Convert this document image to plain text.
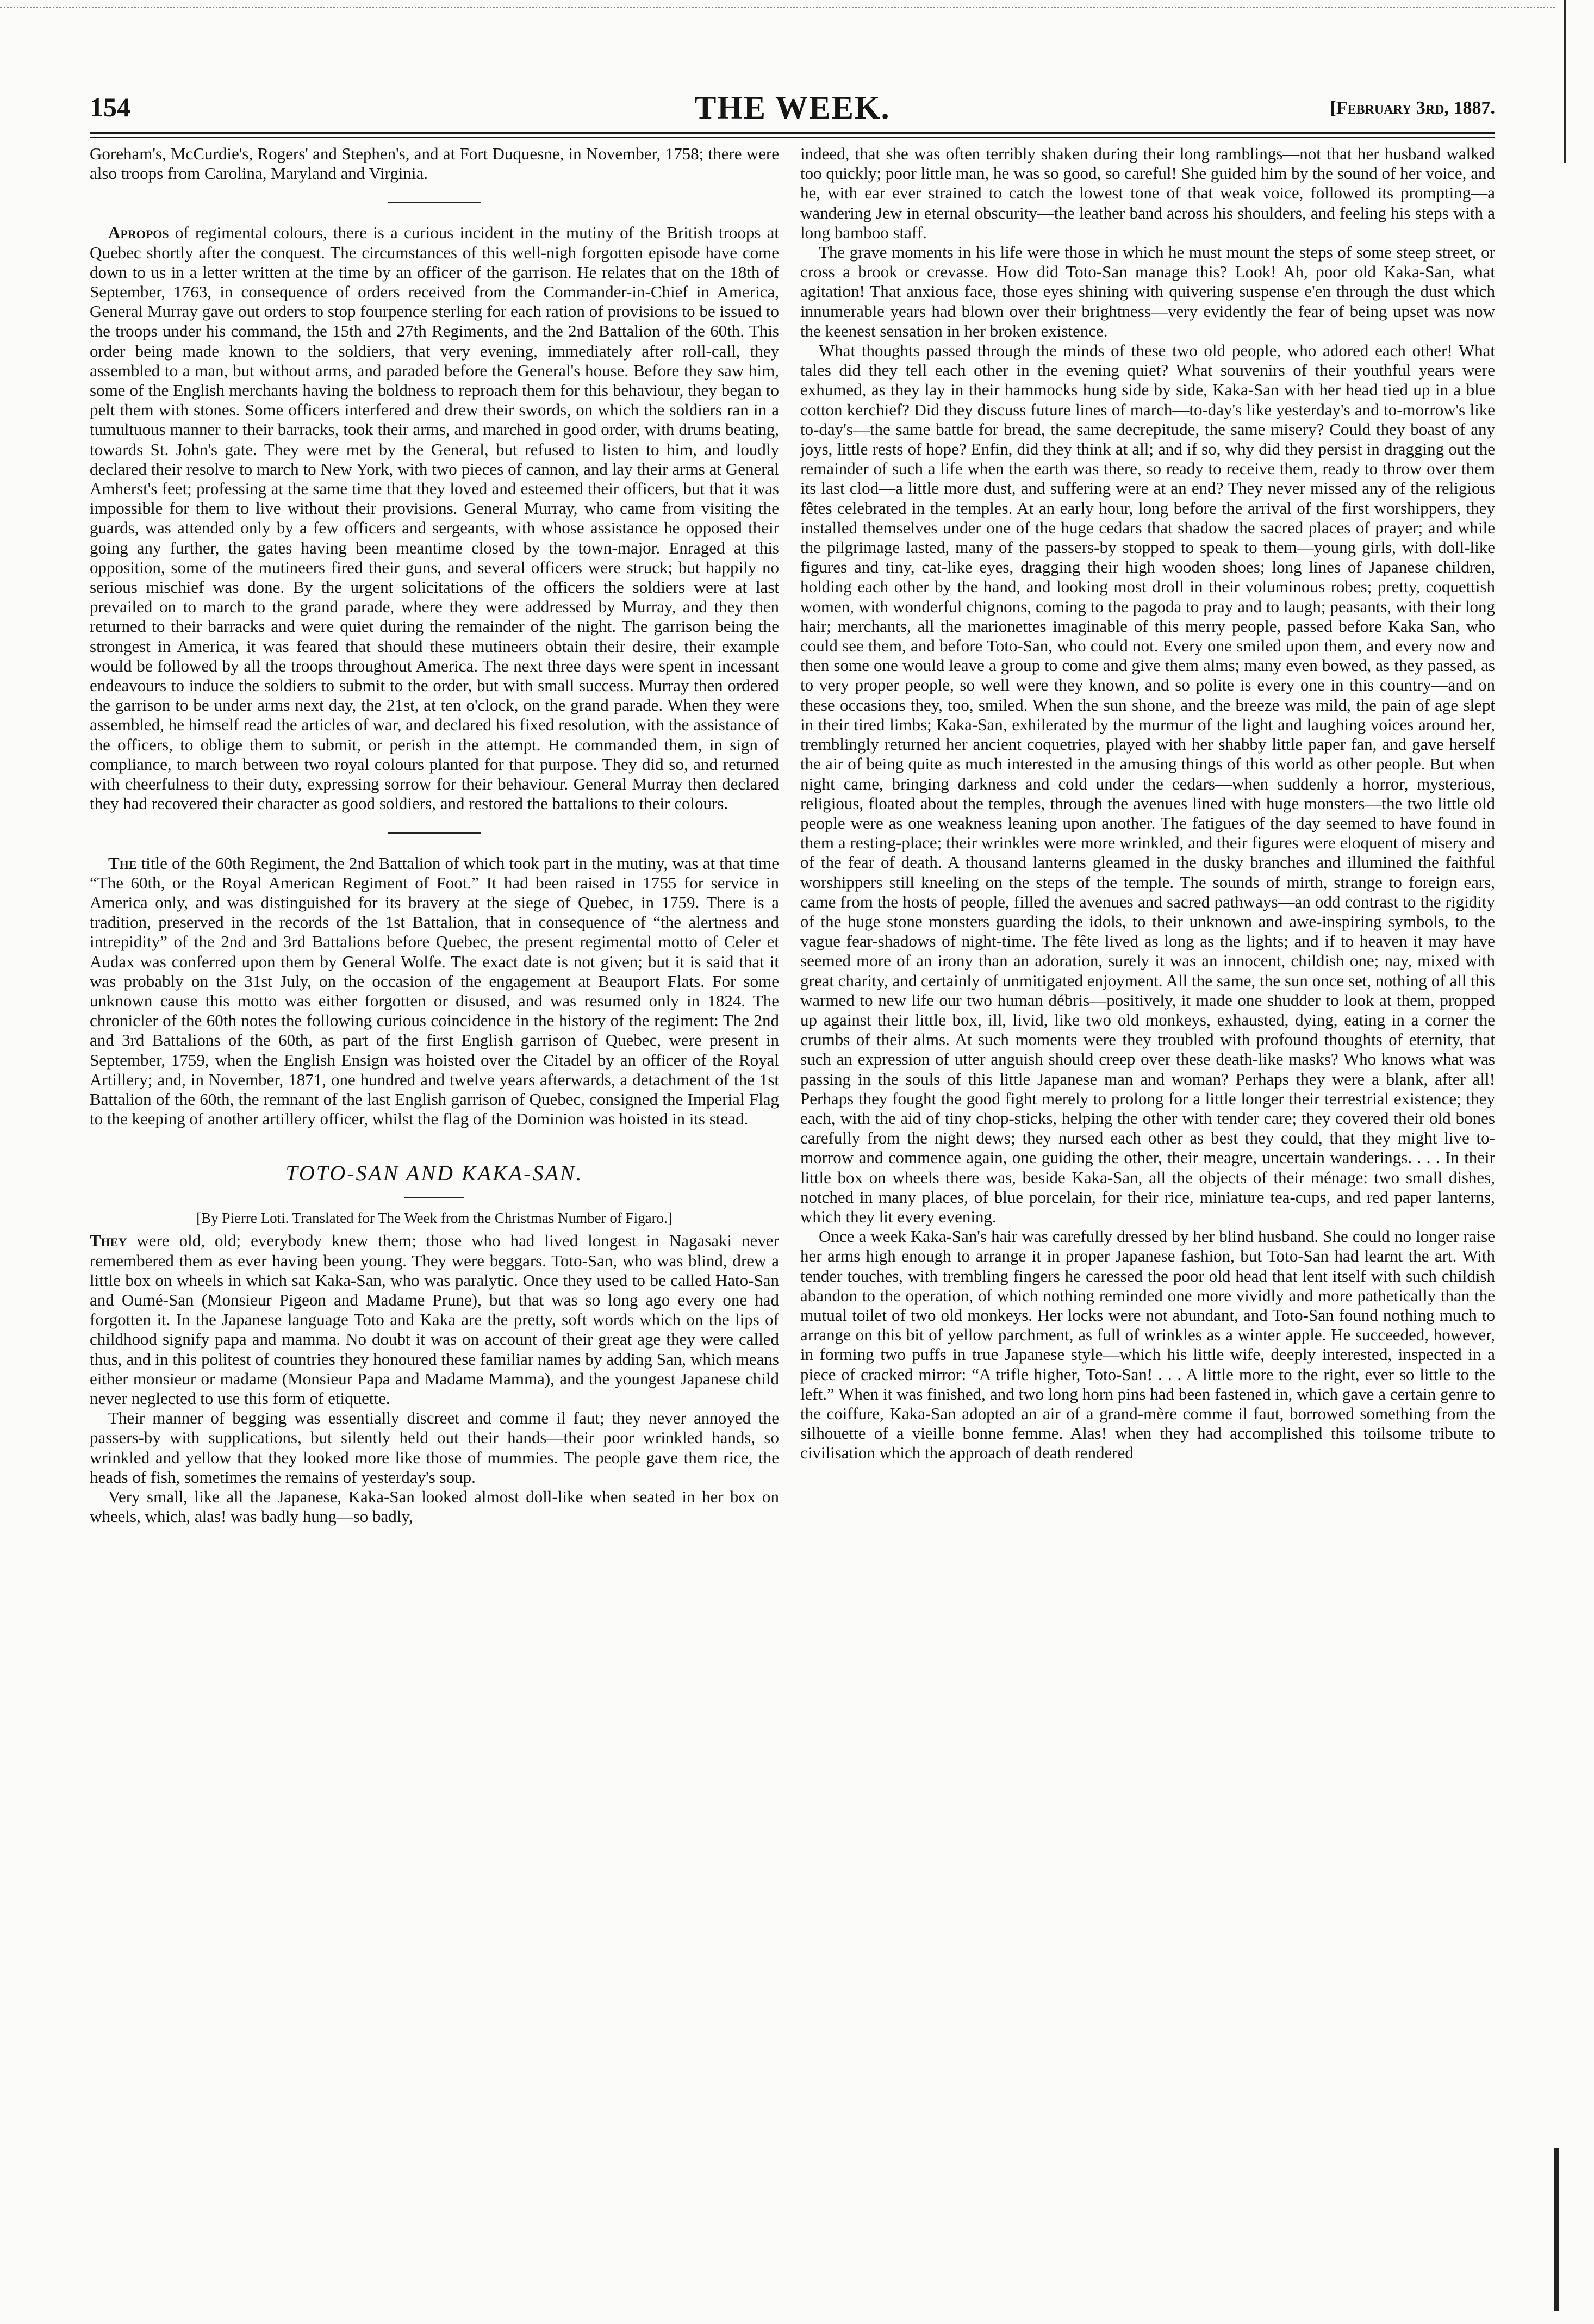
154	THE WEEK.	[February 3rd, 1887.

Goreham's, McCurdie's, Rogers' and Stephen's, and at Fort Duquesne, in November, 1758; there were also troops from Carolina, Maryland and Virginia.

Apropos of regimental colours, there is a curious incident in the mutiny of the British troops at Quebec shortly after the conquest. The circumstances of this well-nigh forgotten episode have come down to us in a letter written at the time by an officer of the garrison. He relates that on the 18th of September, 1763, in consequence of orders received from the Commander-in-Chief in America, General Murray gave out orders to stop fourpence sterling for each ration of provisions to be issued to the troops under his command, the 15th and 27th Regiments, and the 2nd Battalion of the 60th. This order being made known to the soldiers, that very evening, immediately after roll-call, they assembled to a man, but without arms, and paraded before the General's house. Before they saw him, some of the English merchants having the boldness to reproach them for this behaviour, they began to pelt them with stones. Some officers interfered and drew their swords, on which the soldiers ran in a tumultuous manner to their barracks, took their arms, and marched in good order, with drums beating, towards St. John's gate. They were met by the General, but refused to listen to him, and loudly declared their resolve to march to New York, with two pieces of cannon, and lay their arms at General Amherst's feet; professing at the same time that they loved and esteemed their officers, but that it was impossible for them to live without their provisions. General Murray, who came from visiting the guards, was attended only by a few officers and sergeants, with whose assistance he opposed their going any further, the gates having been meantime closed by the town-major. Enraged at this opposition, some of the mutineers fired their guns, and several officers were struck; but happily no serious mischief was done. By the urgent solicitations of the officers the soldiers were at last prevailed on to march to the grand parade, where they were addressed by Murray, and they then returned to their barracks and were quiet during the remainder of the night. The garrison being the strongest in America, it was feared that should these mutineers obtain their desire, their example would be followed by all the troops throughout America. The next three days were spent in incessant endeavours to induce the soldiers to submit to the order, but with small success. Murray then ordered the garrison to be under arms next day, the 21st, at ten o'clock, on the grand parade. When they were assembled, he himself read the articles of war, and declared his fixed resolution, with the assistance of the officers, to oblige them to submit, or perish in the attempt. He commanded them, in sign of compliance, to march between two royal colours planted for that purpose. They did so, and returned with cheerfulness to their duty, expressing sorrow for their behaviour. General Murray then declared they had recovered their character as good soldiers, and restored the battalions to their colours.

The title of the 60th Regiment, the 2nd Battalion of which took part in the mutiny, was at that time “The 60th, or the Royal American Regiment of Foot.” It had been raised in 1755 for service in America only, and was distinguished for its bravery at the siege of Quebec, in 1759. There is a tradition, preserved in the records of the 1st Battalion, that in consequence of “the alertness and intrepidity” of the 2nd and 3rd Battalions before Quebec, the present regimental motto of Celer et Audax was conferred upon them by General Wolfe. The exact date is not given; but it is said that it was probably on the 31st July, on the occasion of the engagement at Beauport Flats. For some unknown cause this motto was either forgotten or disused, and was resumed only in 1824. The chronicler of the 60th notes the following curious coincidence in the history of the regiment: The 2nd and 3rd Battalions of the 60th, as part of the first English garrison of Quebec, were present in September, 1759, when the English Ensign was hoisted over the Citadel by an officer of the Royal Artillery; and, in November, 1871, one hundred and twelve years afterwards, a detachment of the 1st Battalion of the 60th, the remnant of the last English garrison of Quebec, consigned the Imperial Flag to the keeping of another artillery officer, whilst the flag of the Dominion was hoisted in its stead.

TOTO-SAN AND KAKA-SAN.
[By Pierre Loti. Translated for The Week from the Christmas Number of Figaro.]

They were old, old; everybody knew them; those who had lived longest in Nagasaki never remembered them as ever having been young. They were beggars. Toto-San, who was blind, drew a little box on wheels in which sat Kaka-San, who was paralytic. Once they used to be called Hato-San and Oumé-San (Monsieur Pigeon and Madame Prune), but that was so long ago every one had forgotten it. In the Japanese language Toto and Kaka are the pretty, soft words which on the lips of childhood signify papa and mamma. No doubt it was on account of their great age they were called thus, and in this politest of countries they honoured these familiar names by adding San, which means either monsieur or madame (Monsieur Papa and Madame Mamma), and the youngest Japanese child never neglected to use this form of etiquette.

Their manner of begging was essentially discreet and comme il faut; they never annoyed the passers-by with supplications, but silently held out their hands—their poor wrinkled hands, so wrinkled and yellow that they looked more like those of mummies. The people gave them rice, the heads of fish, sometimes the remains of yesterday's soup.

Very small, like all the Japanese, Kaka-San looked almost doll-like when seated in her box on wheels, which, alas! was badly hung—so badly,

indeed, that she was often terribly shaken during their long ramblings—not that her husband walked too quickly; poor little man, he was so good, so careful! She guided him by the sound of her voice, and he, with ear ever strained to catch the lowest tone of that weak voice, followed its prompting—a wandering Jew in eternal obscurity—the leather band across his shoulders, and feeling his steps with a long bamboo staff.

The grave moments in his life were those in which he must mount the steps of some steep street, or cross a brook or crevasse. How did Toto-San manage this? Look! Ah, poor old Kaka-San, what agitation! That anxious face, those eyes shining with quivering suspense e'en through the dust which innumerable years had blown over their brightness—very evidently the fear of being upset was now the keenest sensation in her broken existence.

What thoughts passed through the minds of these two old people, who adored each other! What tales did they tell each other in the evening quiet? What souvenirs of their youthful years were exhumed, as they lay in their hammocks hung side by side, Kaka-San with her head tied up in a blue cotton kerchief? Did they discuss future lines of march—to-day's like yesterday's and to-morrow's like to-day's—the same battle for bread, the same decrepitude, the same misery? Could they boast of any joys, little rests of hope? Enfin, did they think at all; and if so, why did they persist in dragging out the remainder of such a life when the earth was there, so ready to receive them, ready to throw over them its last clod—a little more dust, and suffering were at an end? They never missed any of the religious fêtes celebrated in the temples. At an early hour, long before the arrival of the first worshippers, they installed themselves under one of the huge cedars that shadow the sacred places of prayer; and while the pilgrimage lasted, many of the passers-by stopped to speak to them—young girls, with doll-like figures and tiny, cat-like eyes, dragging their high wooden shoes; long lines of Japanese children, holding each other by the hand, and looking most droll in their voluminous robes; pretty, coquettish women, with wonderful chignons, coming to the pagoda to pray and to laugh; peasants, with their long hair; merchants, all the marionettes imaginable of this merry people, passed before Kaka San, who could see them, and before Toto-San, who could not. Every one smiled upon them, and every now and then some one would leave a group to come and give them alms; many even bowed, as they passed, as to very proper people, so well were they known, and so polite is every one in this country—and on these occasions they, too, smiled. When the sun shone, and the breeze was mild, the pain of age slept in their tired limbs; Kaka-San, exhilerated by the murmur of the light and laughing voices around her, tremblingly returned her ancient coquetries, played with her shabby little paper fan, and gave herself the air of being quite as much interested in the amusing things of this world as other people. But when night came, bringing darkness and cold under the cedars—when suddenly a horror, mysterious, religious, floated about the temples, through the avenues lined with huge monsters—the two little old people were as one weakness leaning upon another. The fatigues of the day seemed to have found in them a resting-place; their wrinkles were more wrinkled, and their figures were eloquent of misery and of the fear of death. A thousand lanterns gleamed in the dusky branches and illumined the faithful worshippers still kneeling on the steps of the temple. The sounds of mirth, strange to foreign ears, came from the hosts of people, filled the avenues and sacred pathways—an odd contrast to the rigidity of the huge stone monsters guarding the idols, to their unknown and awe-inspiring symbols, to the vague fear-shadows of night-time. The fête lived as long as the lights; and if to heaven it may have seemed more of an irony than an adoration, surely it was an innocent, childish one; nay, mixed with great charity, and certainly of unmitigated enjoyment. All the same, the sun once set, nothing of all this warmed to new life our two human débris—positively, it made one shudder to look at them, propped up against their little box, ill, livid, like two old monkeys, exhausted, dying, eating in a corner the crumbs of their alms. At such moments were they troubled with profound thoughts of eternity, that such an expression of utter anguish should creep over these death-like masks? Who knows what was passing in the souls of this little Japanese man and woman? Perhaps they were a blank, after all! Perhaps they fought the good fight merely to prolong for a little longer their terrestrial existence; they each, with the aid of tiny chop-sticks, helping the other with tender care; they covered their old bones carefully from the night dews; they nursed each other as best they could, that they might live to-morrow and commence again, one guiding the other, their meagre, uncertain wanderings. . . . In their little box on wheels there was, beside Kaka-San, all the objects of their ménage: two small dishes, notched in many places, of blue porcelain, for their rice, miniature tea-cups, and red paper lanterns, which they lit every evening.

Once a week Kaka-San's hair was carefully dressed by her blind husband. She could no longer raise her arms high enough to arrange it in proper Japanese fashion, but Toto-San had learnt the art. With tender touches, with trembling fingers he caressed the poor old head that lent itself with such childish abandon to the operation, of which nothing reminded one more vividly and more pathetically than the mutual toilet of two old monkeys. Her locks were not abundant, and Toto-San found nothing much to arrange on this bit of yellow parchment, as full of wrinkles as a winter apple. He succeeded, however, in forming two puffs in true Japanese style—which his little wife, deeply interested, inspected in a piece of cracked mirror: “A trifle higher, Toto-San! . . . A little more to the right, ever so little to the left.” When it was finished, and two long horn pins had been fastened in, which gave a certain genre to the coiffure, Kaka-San adopted an air of a grand-mère comme il faut, borrowed something from the silhouette of a vieille bonne femme. Alas! when they had accomplished this toilsome tribute to civilisation which the approach of death rendered
